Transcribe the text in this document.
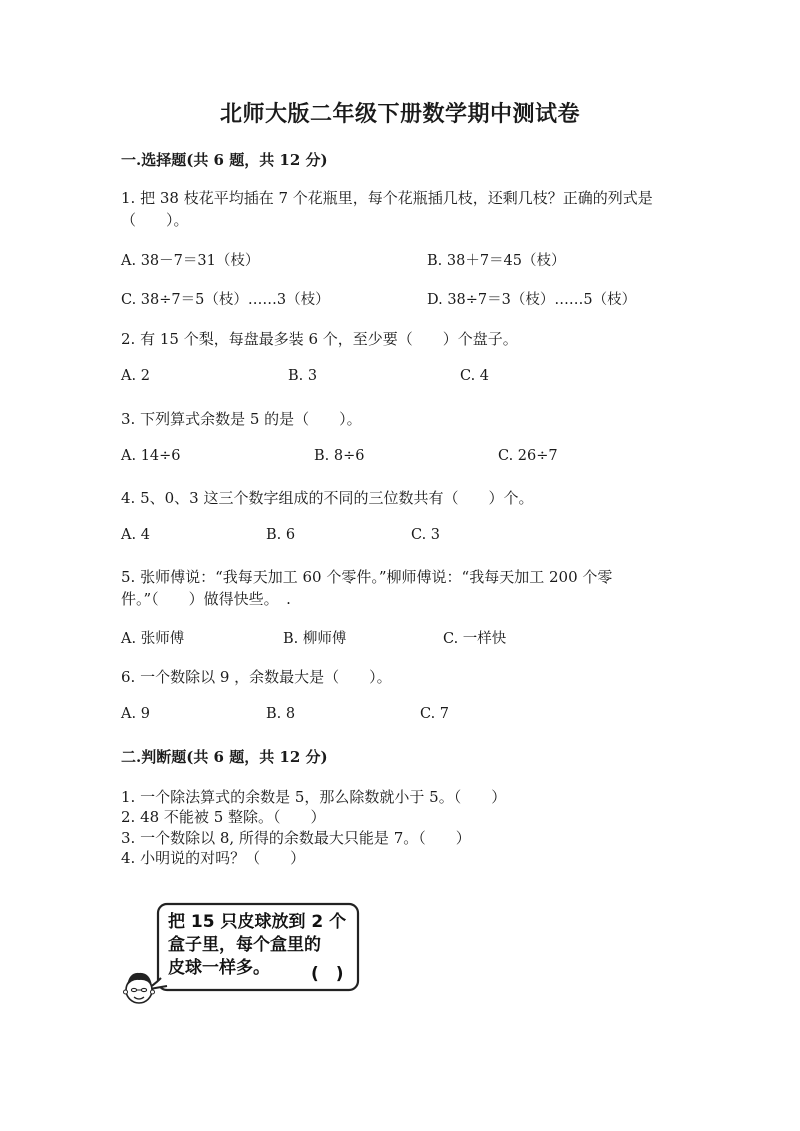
北师大版二年级下册数学期中测试卷
一.选择题(共 6 题，共 12 分)
1. 把 38 枝花平均插在 7 个花瓶里，每个花瓶插几枝，还剩几枝？正确的列式是
（　　）。
A. 38－7＝31（枝）	B. 38＋7＝45（枝）
C. 38÷7＝5（枝）……3（枝）	D. 38÷7＝3（枝）……5（枝）
2. 有 15 个梨，每盘最多装 6 个，至少要（　　）个盘子。
A. 2	B. 3	C. 4
3. 下列算式余数是 5 的是（　　）。
A. 14÷6	B. 8÷6	C. 26÷7
4. 5、0、3 这三个数字组成的不同的三位数共有（　　）个。
A. 4	B. 6	C. 3
5. 张师傅说：“我每天加工 60 个零件。”柳师傅说：“我每天加工 200 个零
件。”（　　）做得快些。　.
A. 张师傅	B. 柳师傅	C. 一样快
6. 一个数除以 9 ，余数最大是（　　）。
A. 9	B. 8	C. 7
二.判断题(共 6 题，共 12 分)
1. 一个除法算式的余数是 5，那么除数就小于 5。（　　）
2. 48 不能被 5 整除。（　　）
3. 一个数除以 8, 所得的余数最大只能是 7。（　　）
4. 小明说的对吗？（　　）
把 15 只皮球放到 2 个
盒子里，每个盒里的
皮球一样多。 (　)
